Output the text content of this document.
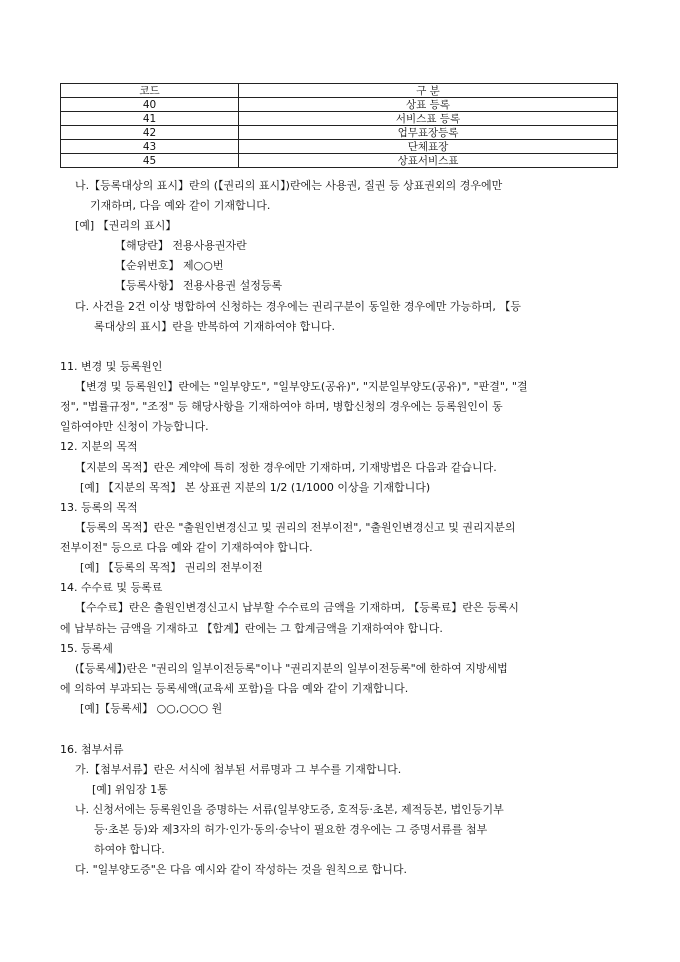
코드	구 분
40	상표 등록
41	서비스표 등록
42	업무표장등록
43	단체표장
45	상표서비스표
나.【등록대상의 표시】란의 (【권리의 표시】)란에는 사용권, 질권 등 상표권외의 경우에만
기재하며, 다음 예와 같이 기재합니다.
[예] 【권리의 표시】
【해당란】 전용사용권자란
【순위번호】 제○○번
【등록사항】 전용사용권 설정등록
다. 사건을 2건 이상 병합하여 신청하는 경우에는 권리구분이 동일한 경우에만 가능하며, 【등
록대상의 표시】란을 반복하여 기재하여야 합니다.
11. 변경 및 등록원인
【변경 및 등록원인】란에는 "일부양도", "일부양도(공유)", "지분일부양도(공유)", "판결", "결
정", "법률규정", "조정" 등 해당사항을 기재하여야 하며, 병합신청의 경우에는 등록원인이 동
일하여야만 신청이 가능합니다.
12. 지분의 목적
【지분의 목적】란은 계약에 특히 정한 경우에만 기재하며, 기재방법은 다음과 같습니다.
[예] 【지분의 목적】 본 상표권 지분의 1/2 (1/1000 이상을 기재합니다)
13. 등록의 목적
【등록의 목적】란은 "출원인변경신고 및 권리의 전부이전", "출원인변경신고 및 권리지분의
전부이전" 등으로 다음 예와 같이 기재하여야 합니다.
[예] 【등록의 목적】 권리의 전부이전
14. 수수료 및 등록료
【수수료】란은 출원인변경신고시 납부할 수수료의 금액을 기재하며, 【등록료】란은 등록시
에 납부하는 금액을 기재하고 【합계】란에는 그 합계금액을 기재하여야 합니다.
15. 등록세
(【등록세】)란은 "권리의 일부이전등록"이나 "권리지분의 일부이전등록"에 한하여 지방세법
에 의하여 부과되는 등록세액(교육세 포함)을 다음 예와 같이 기재합니다.
[예]【등록세】 ○○,○○○ 원
16. 첨부서류
가.【첨부서류】란은 서식에 첨부된 서류명과 그 부수를 기재합니다.
[예] 위임장 1통
나. 신청서에는 등록원인을 증명하는 서류(일부양도증, 호적등·초본, 제적등본, 법인등기부
등·초본 등)와 제3자의 허가·인가·동의·승낙이 필요한 경우에는 그 증명서류를 첨부
하여야 합니다.
다. "일부양도증"은 다음 예시와 같이 작성하는 것을 원칙으로 합니다.
